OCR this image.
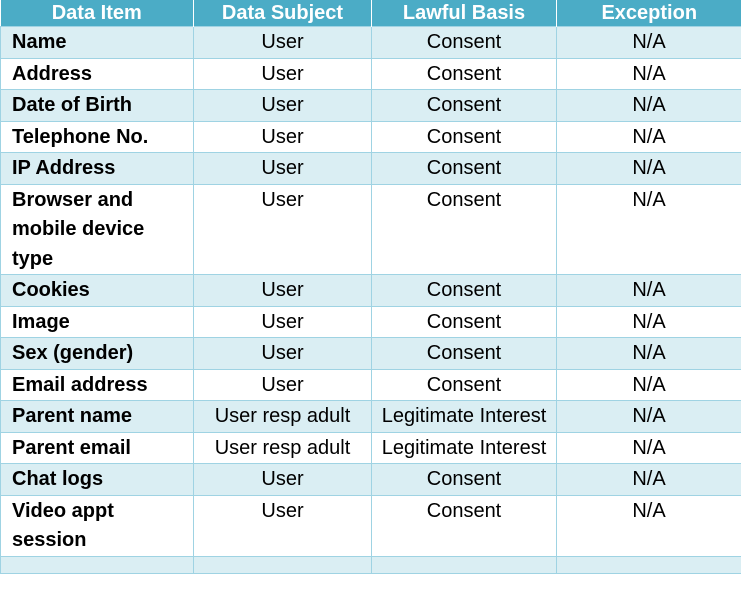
Data Item	Data Subject	Lawful Basis	Exception
Name	User	Consent	N/A
Address	User	Consent	N/A
Date of Birth	User	Consent	N/A
Telephone No.	User	Consent	N/A
IP Address	User	Consent	N/A
Browser and mobile device type	User	Consent	N/A
Cookies	User	Consent	N/A
Image	User	Consent	N/A
Sex (gender)	User	Consent	N/A
Email address	User	Consent	N/A
Parent name	User resp adult	Legitimate Interest	N/A
Parent email	User resp adult	Legitimate Interest	N/A
Chat logs	User	Consent	N/A
Video appt session	User	Consent	N/A
